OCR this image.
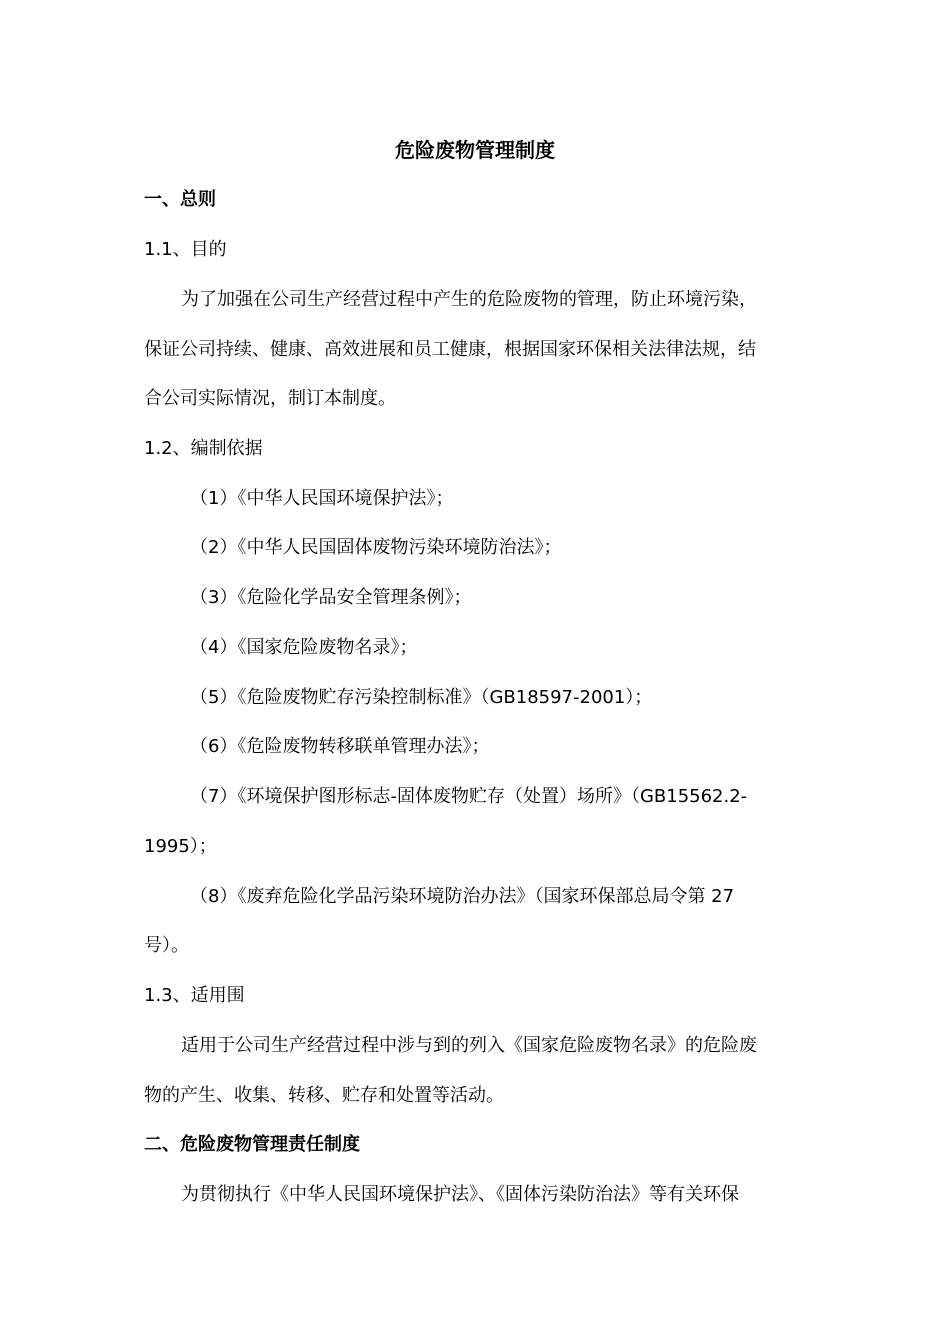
危险废物管理制度
一、总则
1.1、目的
为了加强在公司生产经营过程中产生的危险废物的管理，防止环境污染，
保证公司持续、健康、高效进展和员工健康，根据国家环保相关法律法规，结
合公司实际情况，制订本制度。
1.2、编制依据
（1）《中华人民国环境保护法》；
（2）《中华人民国固体废物污染环境防治法》；
（3）《危险化学品安全管理条例》；
（4）《国家危险废物名录》；
（5）《危险废物贮存污染控制标准》（GB18597-2001）；
（6）《危险废物转移联单管理办法》；
（7）《环境保护图形标志-固体废物贮存（处置）场所》（GB15562.2-
1995）；
（8）《废弃危险化学品污染环境防治办法》（国家环保部总局令第 27
号）。
1.3、适用围
适用于公司生产经营过程中涉与到的列入《国家危险废物名录》的危险废
物的产生、收集、转移、贮存和处置等活动。
二、危险废物管理责任制度
为贯彻执行《中华人民国环境保护法》、《固体污染防治法》等有关环保
